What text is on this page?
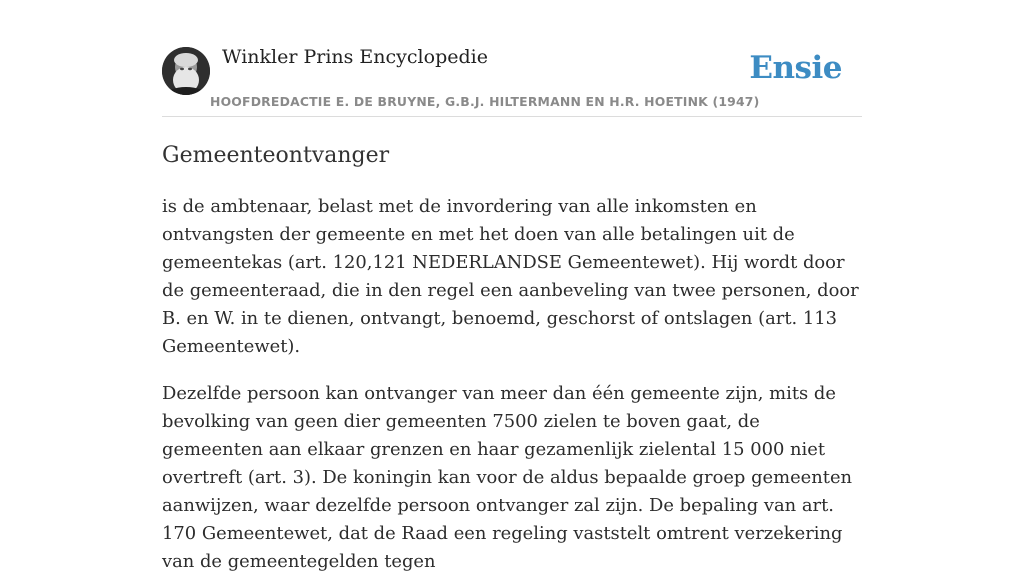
Winkler Prins Encyclopedie
HOOFDREDACTIE E. DE BRUYNE, G.B.J. HILTERMANN EN H.R. HOETINK (1947)
Ensie
Gemeenteontvanger

is de ambtenaar, belast met de invordering van alle inkomsten en ontvangsten der gemeente en met het doen van alle betalingen uit de gemeentekas (art. 120,121 NEDERLANDSE Gemeentewet). Hij wordt door de gemeenteraad, die in den regel een aanbeveling van twee personen, door B. en W. in te dienen, ontvangt, benoemd, geschorst of ontslagen (art. 113 Gemeentewet).

Dezelfde persoon kan ontvanger van meer dan één gemeente zijn, mits de bevolking van geen dier gemeenten 7500 zielen te boven gaat, de gemeenten aan elkaar grenzen en haar gezamenlijk zielental 15 000 niet overtreft (art. 3). De koningin kan voor de aldus bepaalde groep gemeenten aanwijzen, waar dezelfde persoon ontvanger zal zijn. De bepaling van art. 170 Gemeentewet, dat de Raad een regeling vaststelt omtrent verzekering van de gemeentegelden tegen
